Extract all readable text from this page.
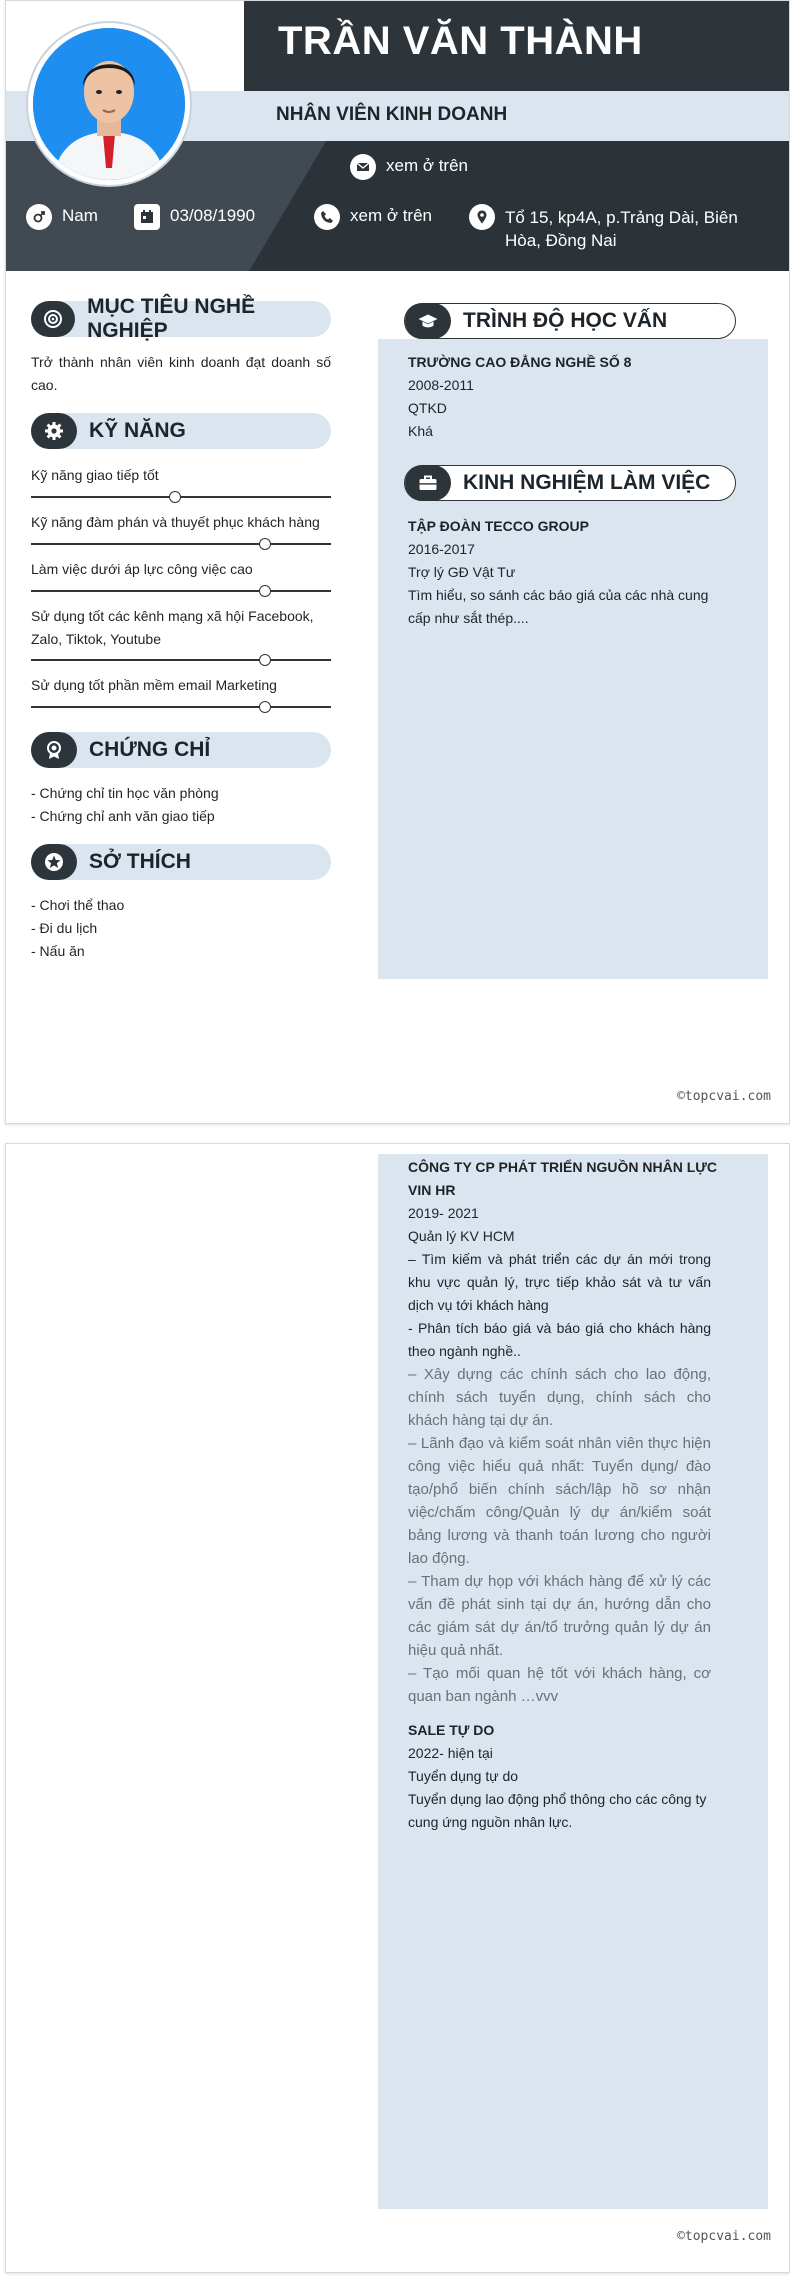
NHÂN VIÊN KINH DOANH
TRẦN VĂN THÀNH
xem ở trên
Nam	03/08/1990	xem ở trên	Tổ 15, kp4A, p.Trảng Dài, Biên Hòa, Đồng Nai
MỤC TIÊU NGHỀ NGHIỆP
Trở thành nhân viên kinh doanh đạt doanh số cao.
KỸ NĂNG
Kỹ năng giao tiếp tốt
Kỹ năng đàm phán và thuyết phục khách hàng
Làm việc dưới áp lực công việc cao
Sử dụng tốt các kênh mạng xã hội Facebook, Zalo, Tiktok, Youtube
Sử dụng tốt phần mềm email Marketing
CHỨNG CHỈ
- Chứng chỉ tin học văn phòng
- Chứng chỉ anh văn giao tiếp
SỞ THÍCH
- Chơi thể thao
- Đi du lịch
- Nấu ăn
TRÌNH ĐỘ HỌC VẤN
TRƯỜNG CAO ĐẲNG NGHỀ SỐ 8
2008-2011
QTKD
Khá
KINH NGHIỆM LÀM VIỆC
TẬP ĐOÀN TECCO GROUP
2016-2017
Trợ lý GĐ Vật Tư
Tìm hiểu, so sánh các báo giá của các nhà cung cấp như sắt thép....
©topcvai.com
CÔNG TY CP PHÁT TRIỂN NGUỒN NHÂN LỰC VIN HR
2019- 2021
Quản lý KV HCM
– Tìm kiếm và phát triển các dự án mới trong khu vực quản lý, trực tiếp khảo sát và tư vấn dịch vụ tới khách hàng
- Phân tích báo giá và báo giá cho khách hàng theo ngành nghề..
– Xây dựng các chính sách cho lao động, chính sách tuyển dụng, chính sách cho khách hàng tại dự án.
– Lãnh đạo và kiểm soát nhân viên thực hiện công việc hiểu quả nhất: Tuyển dụng/ đào tạo/phổ biến chính sách/lập hồ sơ nhận việc/chấm công/Quản lý dự án/kiểm soát bảng lương và thanh toán lương cho người lao động.
– Tham dự họp với khách hàng để xử lý các vấn đề phát sinh tại dự án, hướng dẫn cho các giám sát dự án/tổ trưởng quản lý dự án hiệu quả nhất.
– Tạo mối quan hệ tốt với khách hàng, cơ quan ban ngành …vvv
SALE TỰ DO
2022- hiện tại
Tuyển dụng tự do
Tuyển dụng lao động phổ thông cho các công ty cung ứng nguồn nhân lực.
©topcvai.com
